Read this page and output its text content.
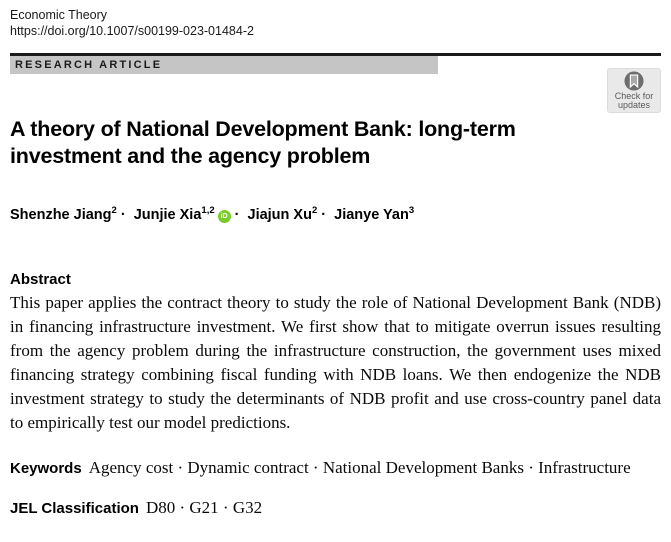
Economic Theory
https://doi.org/10.1007/s00199-023-01484-2
RESEARCH ARTICLE
Check for
updates
A theory of National Development Bank: long-term investment and the agency problem
Shenzhe Jiang$^2$ · Junjie Xia$^{1,2}$iD · Jiajun $Xu^2$ · Jianye Yan$^3$
Abstract

This paper applies the contract theory to study the role of National Development Bank (NDB) in financing infrastructure investment. We first show that to mitigate overrun issues resulting from the agency problem during the infrastructure construction, the government uses mixed financing strategy combining fiscal funding with NDB loans. We then endogenize the NDB investment strategy to study the determinants of NDB profit and use cross-country panel data to empirically test our model predictions.

Keywords Agency cost · Dynamic contract · National Development Banks · Infrastructure
JEL Classification D80 · G21 · G32
